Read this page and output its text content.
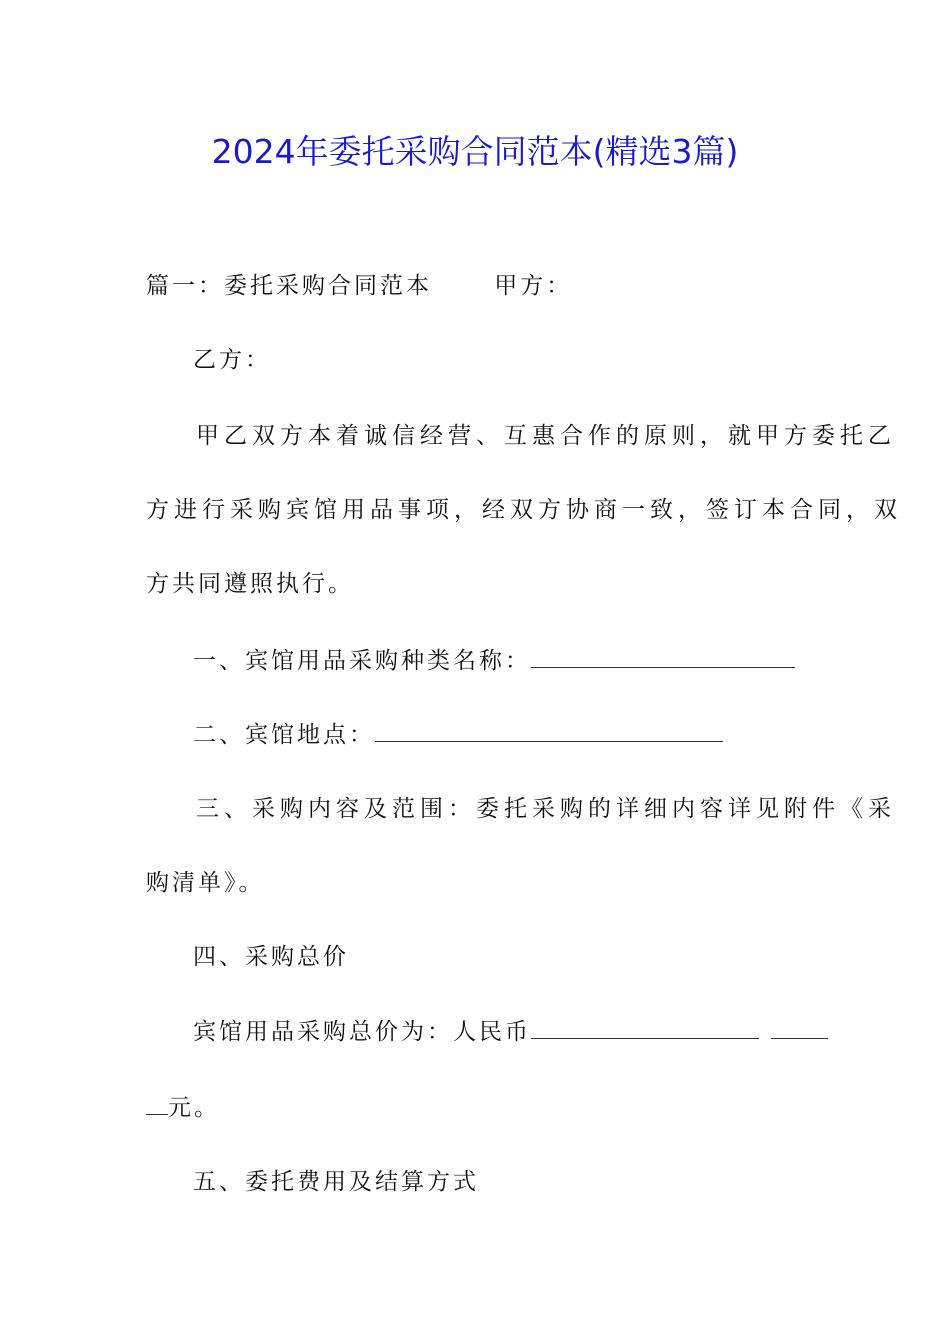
2024年委托采购合同范本(精选3篇)
篇一：委托采购合同范本　　 甲方：
乙方：
甲乙双方本着诚信经营、互惠合作的原则，就甲方委托乙
方进行采购宾馆用品事项，经双方协商一致，签订本合同，双
方共同遵照执行。
一、宾馆用品采购种类名称：
二、宾馆地点：
三、采购内容及范围：委托采购的详细内容详见附件《采
购清单》。
四、采购总价
宾馆用品采购总价为：人民币
元。
五、委托费用及结算方式
